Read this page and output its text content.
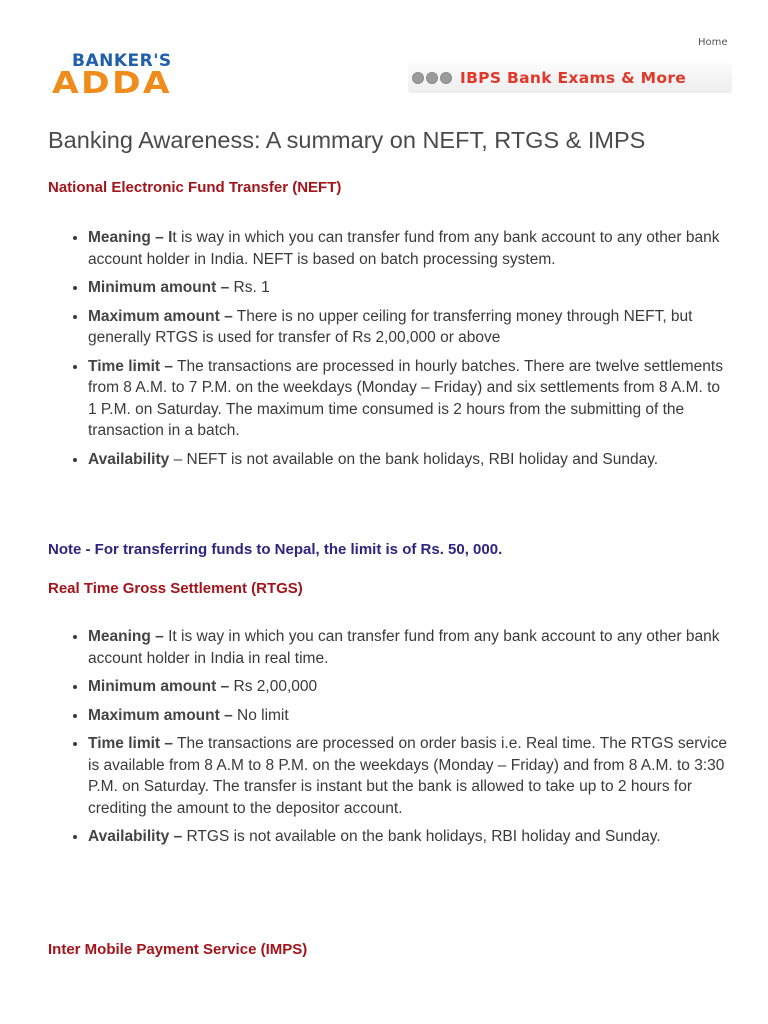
Home
BANKER'S
ADDA	IBPS Bank Exams & More
Banking Awareness: A summary on NEFT, RTGS & IMPS
National Electronic Fund Transfer (NEFT)
• Meaning – It is way in which you can transfer fund from any bank account to any other bank account holder in India. NEFT is based on batch processing system.
• Minimum amount – Rs. 1
• Maximum amount – There is no upper ceiling for transferring money through NEFT, but generally RTGS is used for transfer of Rs 2,00,000 or above
• Time limit – The transactions are processed in hourly batches. There are twelve settlements from 8 A.M. to 7 P.M. on the weekdays (Monday – Friday) and six settlements from 8 A.M. to 1 P.M. on Saturday. The maximum time consumed is 2 hours from the submitting of the transaction in a batch.
• Availability – NEFT is not available on the bank holidays, RBI holiday and Sunday.

Note - For transferring funds to Nepal, the limit is of Rs. 50, 000.

Real Time Gross Settlement (RTGS)
• Meaning – It is way in which you can transfer fund from any bank account to any other bank account holder in India in real time.
• Minimum amount – Rs 2,00,000
• Maximum amount – No limit
• Time limit – The transactions are processed on order basis i.e. Real time. The RTGS service is available from 8 A.M to 8 P.M. on the weekdays (Monday – Friday) and from 8 A.M. to 3:30 P.M. on Saturday. The transfer is instant but the bank is allowed to take up to 2 hours for crediting the amount to the depositor account.
• Availability – RTGS is not available on the bank holidays, RBI holiday and Sunday.
Inter Mobile Payment Service (IMPS)
